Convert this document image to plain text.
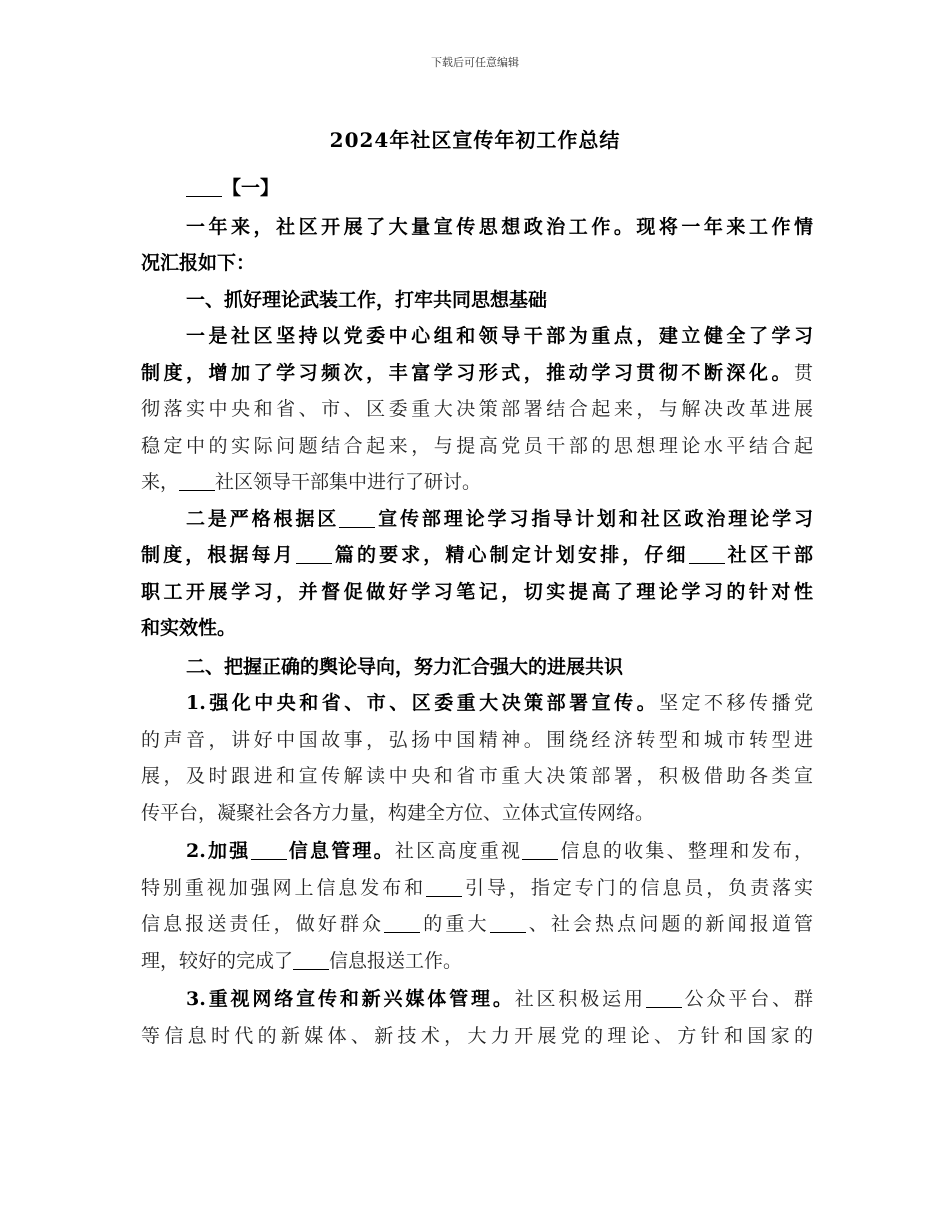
下载后可任意编辑
2024年社区宣传年初工作总结
【一】
一年来，社区开展了大量宣传思想政治工作。现将一年来工作情
况汇报如下：
一、抓好理论武装工作，打牢共同思想基础
一是社区坚持以党委中心组和领导干部为重点，建立健全了学习
制度，增加了学习频次，丰富学习形式，推动学习贯彻不断深化。贯
彻落实中央和省、市、区委重大决策部署结合起来，与解决改革进展
稳定中的实际问题结合起来，与提高党员干部的思想理论水平结合起
来， 社区领导干部集中进行了研讨。
二是严格根据区 宣传部理论学习指导计划和社区政治理论学习
制度，根据每月 篇的要求，精心制定计划安排，仔细 社区干部
职工开展学习，并督促做好学习笔记，切实提高了理论学习的针对性
和实效性。
二、把握正确的舆论导向，努力汇合强大的进展共识
1.强化中央和省、市、区委重大决策部署宣传。坚定不移传播党
的声音，讲好中国故事，弘扬中国精神。围绕经济转型和城市转型进
展，及时跟进和宣传解读中央和省市重大决策部署，积极借助各类宣
传平台，凝聚社会各方力量，构建全方位、立体式宣传网络。
2.加强 信息管理。社区高度重视 信息的收集、整理和发布，
特别重视加强网上信息发布和 引导，指定专门的信息员，负责落实
信息报送责任，做好群众 的重大 、社会热点问题的新闻报道管
理，较好的完成了 信息报送工作。
3.重视网络宣传和新兴媒体管理。社区积极运用 公众平台、群
等信息时代的新媒体、新技术，大力开展党的理论、方针和国家的
